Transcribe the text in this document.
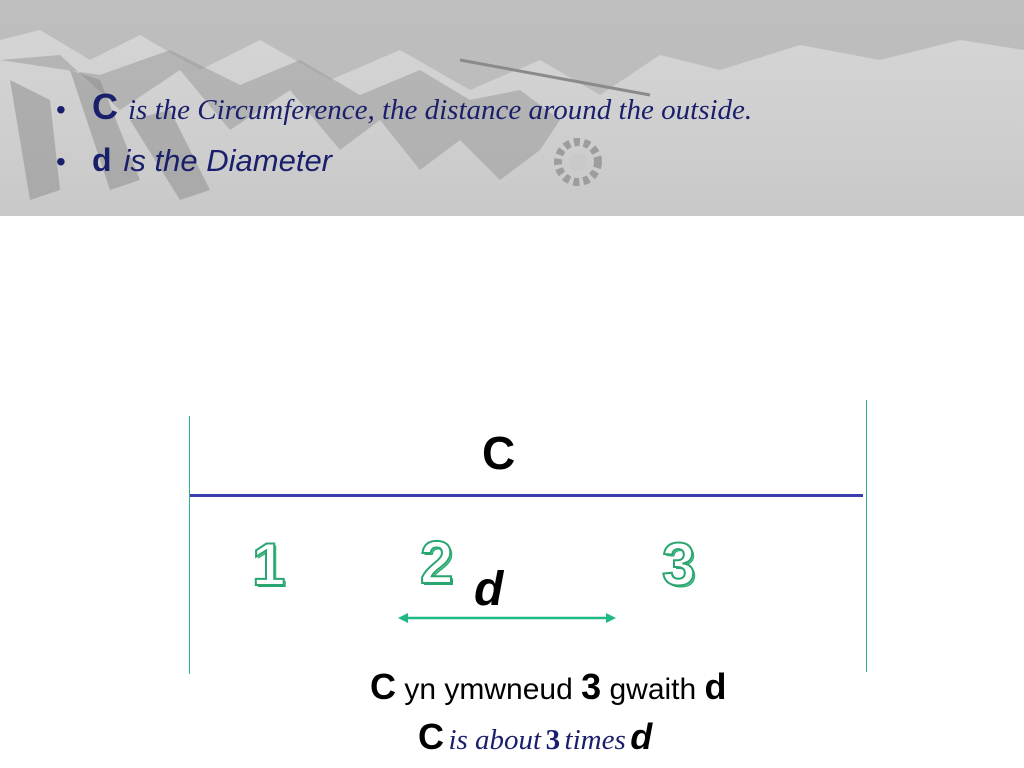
• C is the Circumference, the distance around the outside.
• d is the Diameter
C
1 2	3
d
C yn ymwneud 3 gwaith d
C is about 3 times d
